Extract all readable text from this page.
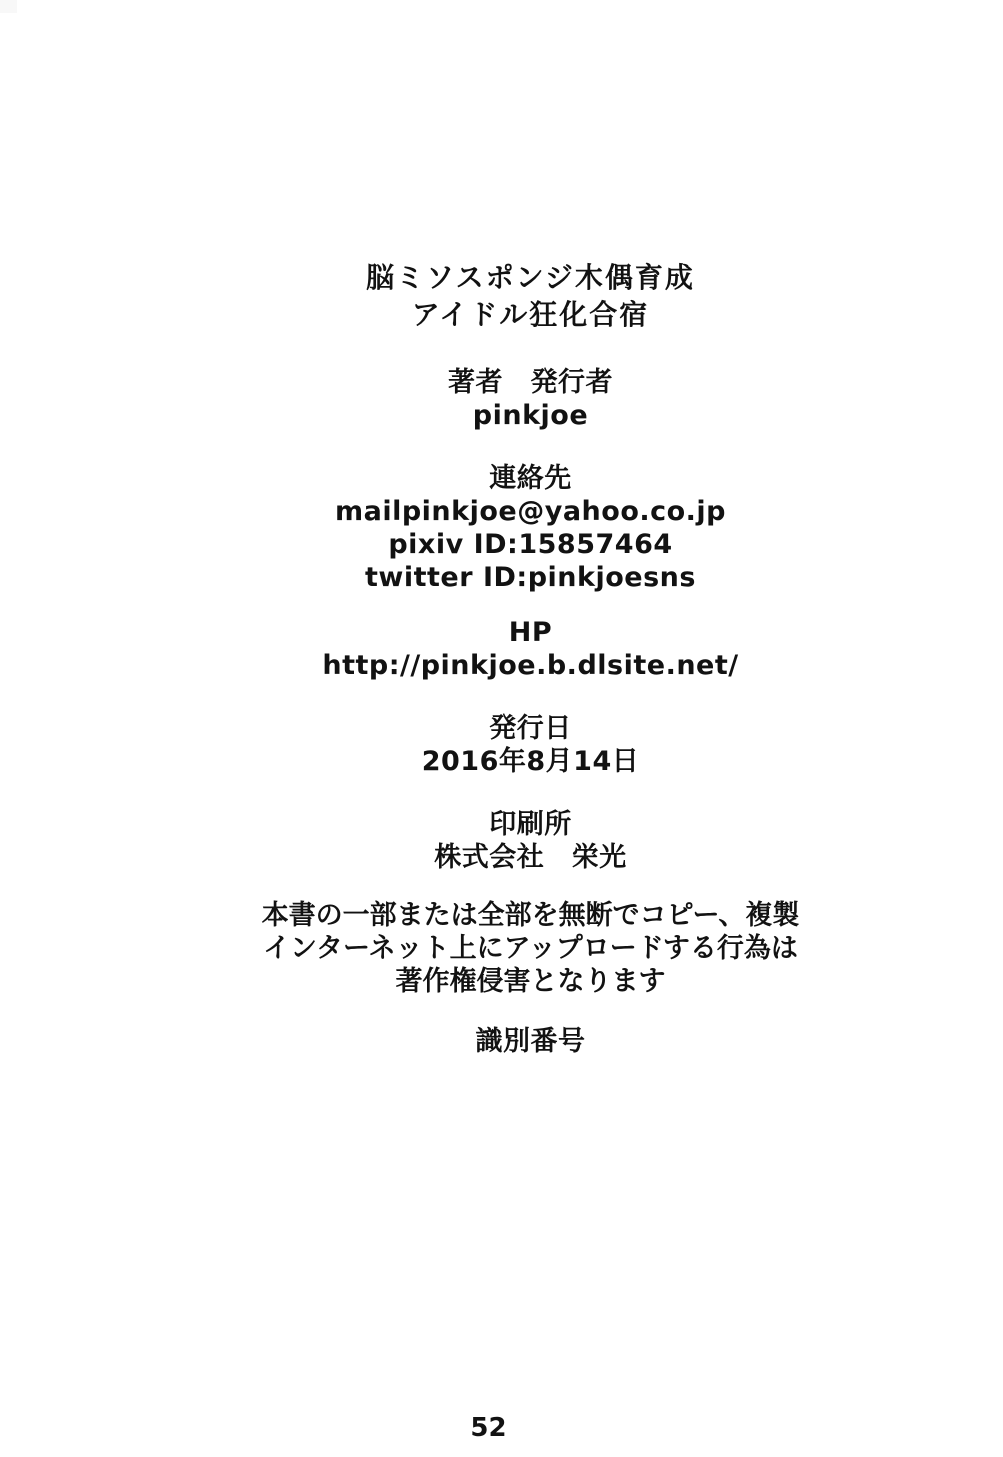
脳ミソスポンジ木偶育成
アイドル狂化合宿
著者　発行者
pinkjoe
連絡先
mailpinkjoe@yahoo.co.jp
pixiv ID:15857464
twitter ID:pinkjoesns
HP
http://pinkjoe.b.dlsite.net/
発行日
2016年8月14日
印刷所
株式会社　栄光
本書の一部または全部を無断でコピー、複製
インターネット上にアップロードする行為は
著作権侵害となります
識別番号
52
